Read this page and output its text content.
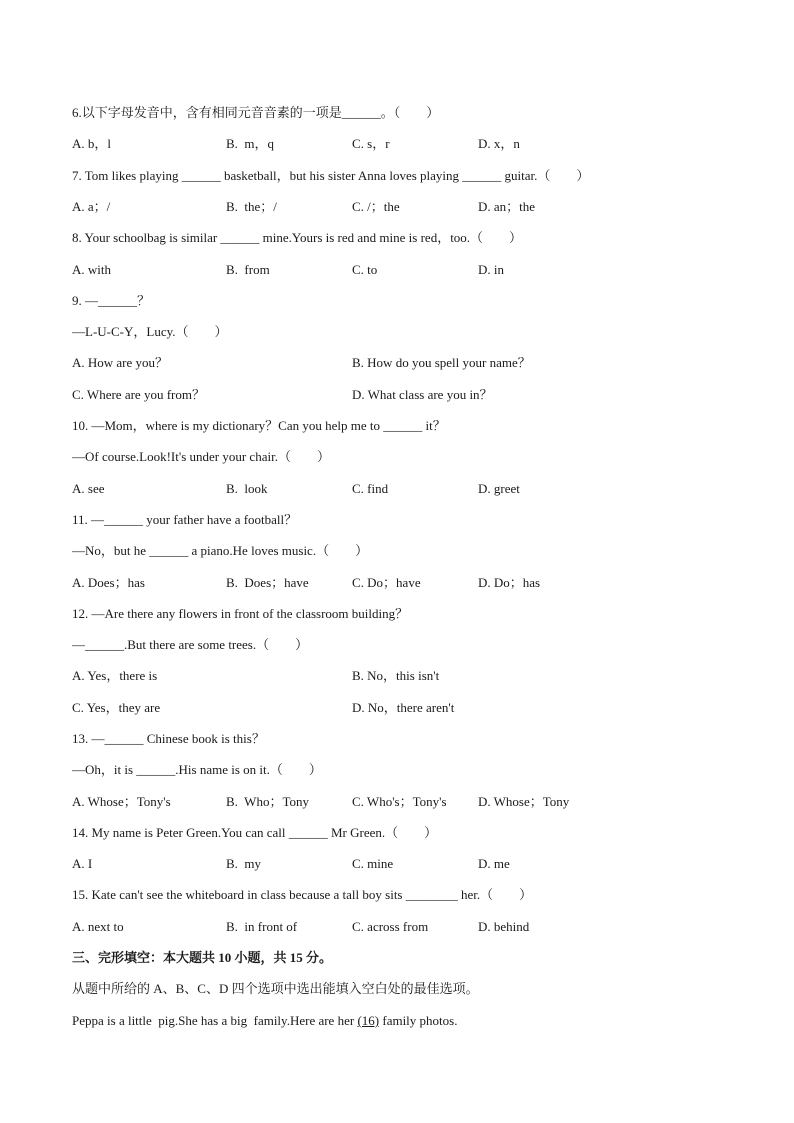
6.以下字母发音中，含有相同元音音素的一项是______。（　　）
A. b，l	B.  m，q	C. s，r	D. x，n
7. Tom likes playing ______ basketball，but his sister Anna loves playing ______ guitar.（　　）
A. a；/	B.  the；/	C. /；the	D. an；the
8. Your schoolbag is similar ______ mine.Yours is red and mine is red，too.（　　）
A. with	B.  from	C. to	D. in
9. —______？
—L-U-C-Y，Lucy.（　　）
A. How are you？	B. How do you spell your name？
C. Where are you from？	D. What class are you in？
10. —Mom，where is my dictionary？Can you help me to ______ it？
—Of course.Look!It's under your chair.（　　）
A. see	B.  look	C. find	D. greet
11. —______ your father have a football？
—No，but he ______ a piano.He loves music.（　　）
A. Does；has	B.  Does；have	C. Do；have	D. Do；has
12. —Are there any flowers in front of the classroom building？
—______.But there are some trees.（　　）
A. Yes，there is	B. No，this isn't
C. Yes，they are	D. No，there aren't
13. —______ Chinese book is this？
—Oh，it is ______.His name is on it.（　　）
A. Whose；Tony's	B.  Who；Tony	C. Who's；Tony's D. Whose；Tony
14. My name is Peter Green.You can call ______ Mr Green.（　　）
A. I	B.  my	C. mine	D. me
15. Kate can't see the whiteboard in class because a tall boy sits ________ her.（　　）
A. next to	B.  in front of	C. across from	D. behind
三、完形填空：本大题共 10 小题，共 15 分。
从题中所给的 A、B、C、D 四个选项中选出能填入空白处的最佳选项。
Peppa is a little  pig.She has a big  family.Here are her (16) family photos.
